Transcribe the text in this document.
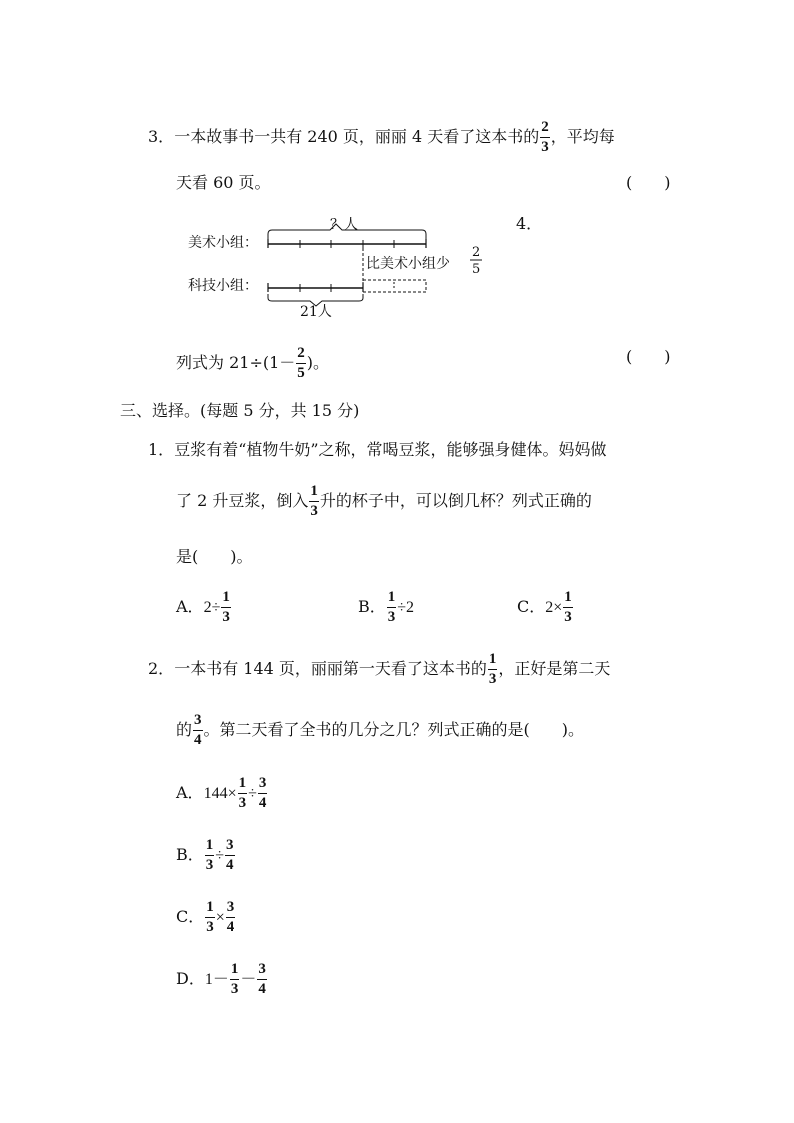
3．一本故事书一共有 240 页，丽丽 4 天看了这本书的 $\frac{2}{3}$ ，平均每
天看 60 页。	(　　)
4．
美术小组：
科技小组：
？人
比美术小组少
2
5
21人
列式为 $21\div(1- \frac{2}{5}$ )。	(　　)
三、选择。(每题 5 分，共 15 分)
1．豆浆有着“植物牛奶”之称，常喝豆浆，能够强身健体。妈妈做
了 2 升豆浆，倒入 $\frac{1}{3}$ 升的杯子中，可以倒几杯？列式正确的
是(　　)。
A．$2\div \frac{1}{3}$	B． $\frac{1}{3} \div 2$	C．$2\times \frac{1}{3}$
2．一本书有 144 页，丽丽第一天看了这本书的 $\frac{1}{3}$ ，正好是第二天
的 $\frac{3}{4}$ 。第二天看了全书的几分之几？列式正确的是(　　)。
A．$144\times \frac{1}{3} \div \frac{3}{4}$
B． $\frac{1}{3} \div \frac{3}{4}$
C． $\frac{1}{3} \times \frac{3}{4}$
D．$1- \frac{1}{3} - \frac{3}{4}$
